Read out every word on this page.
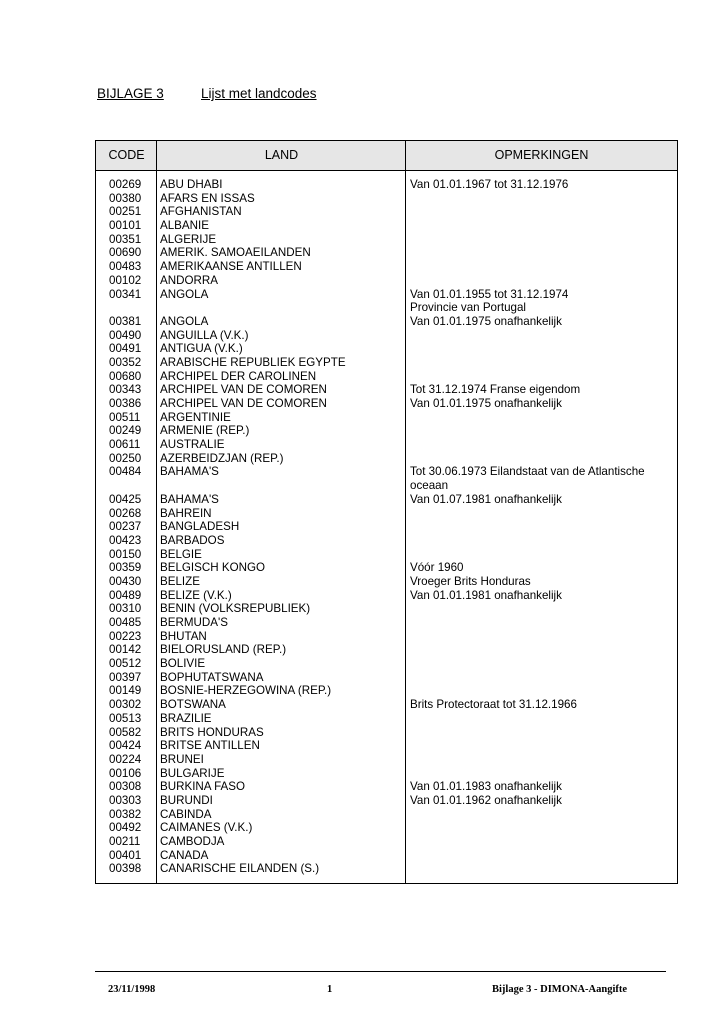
BIJLAGE 3	Lijst met landcodes
CODE	LAND	OPMERKINGEN
00269 ABU DHABI	Van 01.01.1967 tot 31.12.1976
00380 AFARS EN ISSAS
00251 AFGHANISTAN
00101 ALBANIE
00351 ALGERIJE
00690 AMERIK. SAMOAEILANDEN
00483 AMERIKAANSE ANTILLEN
00102 ANDORRA
00341 ANGOLA	Van 01.01.1955 tot 31.12.1974
Provincie van Portugal
00381 ANGOLA	Van 01.01.1975 onafhankelijk
00490 ANGUILLA (V.K.)
00491 ANTIGUA (V.K.)
00352 ARABISCHE REPUBLIEK EGYPTE
00680 ARCHIPEL DER CAROLINEN
00343 ARCHIPEL VAN DE COMOREN	Tot 31.12.1974 Franse eigendom
00386 ARCHIPEL VAN DE COMOREN	Van 01.01.1975 onafhankelijk
00511 ARGENTINIE
00249 ARMENIE (REP.)
00611 AUSTRALIE
00250 AZERBEIDZJAN (REP.)
00484 BAHAMA'S	Tot 30.06.1973 Eilandstaat van de Atlantische
oceaan
00425 BAHAMA'S	Van 01.07.1981 onafhankelijk
00268 BAHREIN
00237 BANGLADESH
00423 BARBADOS
00150 BELGIE
00359 BELGISCH KONGO	Vóór 1960
00430 BELIZE	Vroeger Brits Honduras
00489 BELIZE (V.K.)	Van 01.01.1981 onafhankelijk
00310 BENIN (VOLKSREPUBLIEK)
00485 BERMUDA'S
00223 BHUTAN
00142 BIELORUSLAND (REP.)
00512 BOLIVIE
00397 BOPHUTATSWANA
00149 BOSNIE-HERZEGOWINA (REP.)
00302 BOTSWANA	Brits Protectoraat tot 31.12.1966
00513 BRAZILIE
00582 BRITS HONDURAS
00424 BRITSE ANTILLEN
00224 BRUNEI
00106 BULGARIJE
00308 BURKINA FASO	Van 01.01.1983 onafhankelijk
00303 BURUNDI	Van 01.01.1962 onafhankelijk
00382 CABINDA
00492 CAIMANES (V.K.)
00211 CAMBODJA
00401 CANADA
00398 CANARISCHE EILANDEN (S.)
23/11/1998	1	Bijlage 3 - DIMONA-Aangifte
